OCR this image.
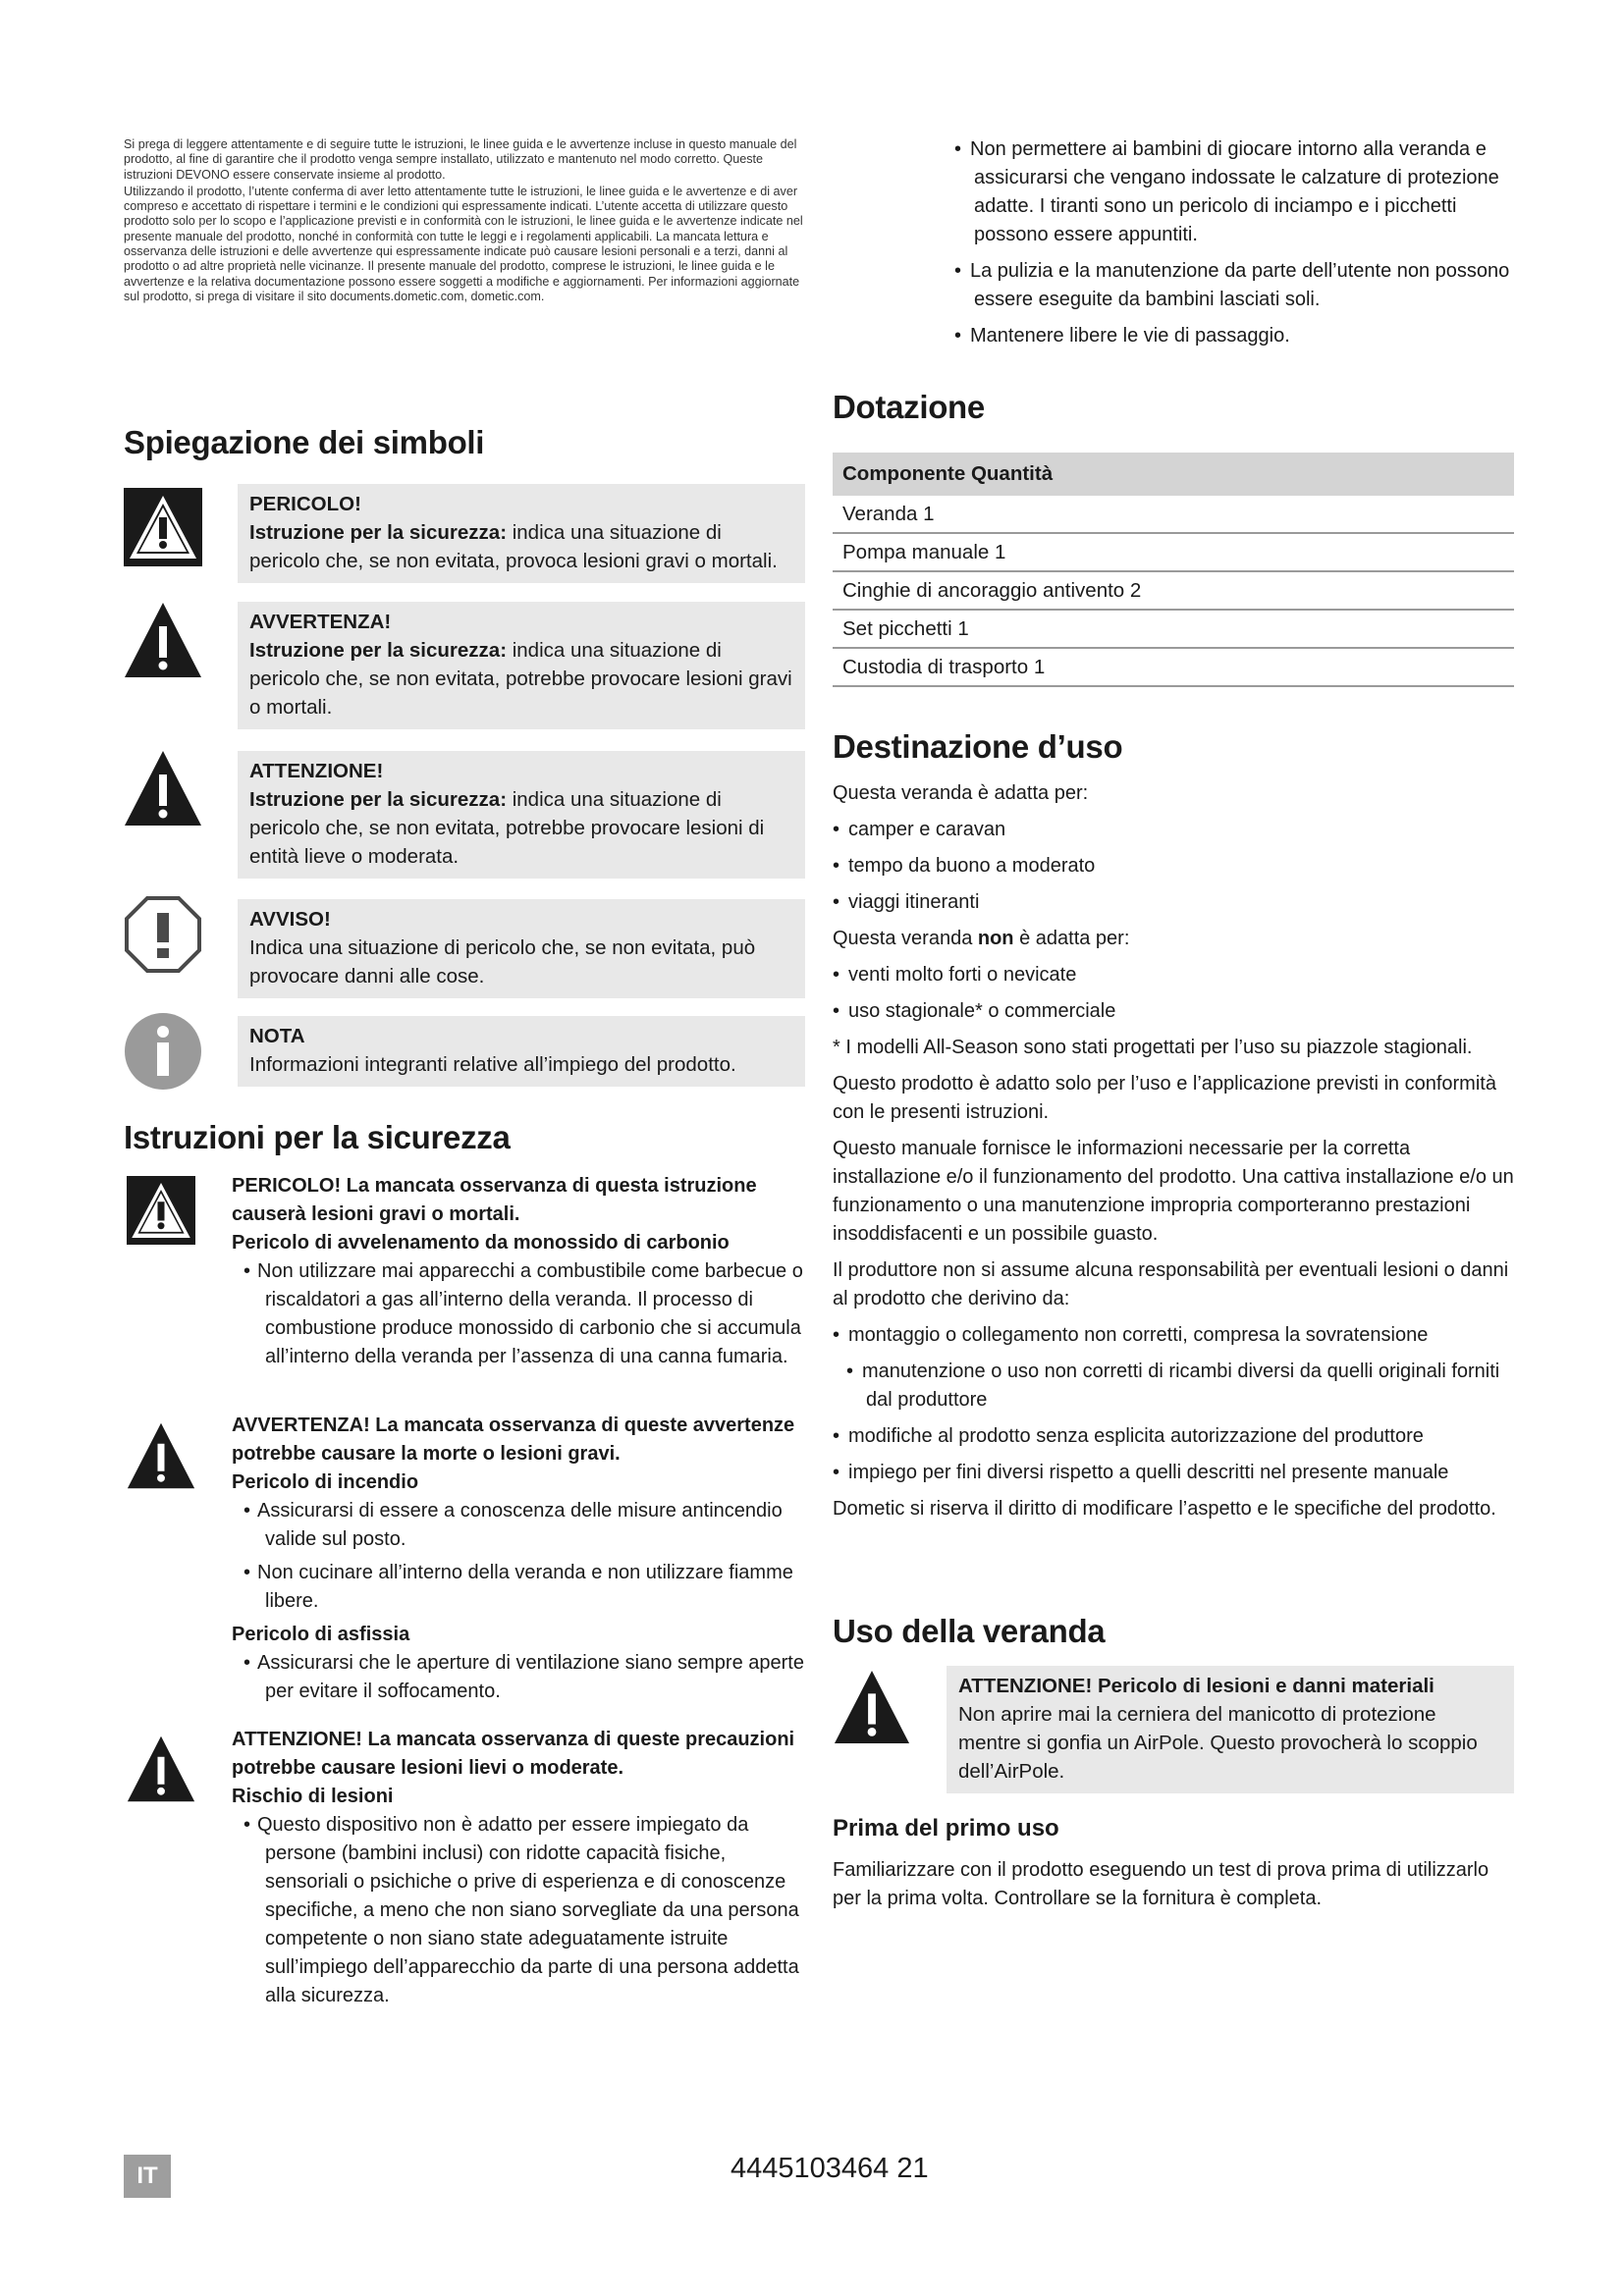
Si prega di leggere attentamente e di seguire tutte le istruzioni, le linee guida e le avvertenze incluse in questo manuale del prodotto, al fine di garantire che il prodotto venga sempre installato, utilizzato e mantenuto nel modo corretto. Queste istruzioni DEVONO essere conservate insieme al prodotto.

Utilizzando il prodotto, l’utente conferma di aver letto attentamente tutte le istruzioni, le linee guida e le avvertenze e di aver compreso e accettato di rispettare i termini e le condizioni qui espressamente indicati. L’utente accetta di utilizzare questo prodotto solo per lo scopo e l’applicazione previsti e in conformità con le istruzioni, le linee guida e le avvertenze indicate nel presente manuale del prodotto, nonché in conformità con tutte le leggi e i regolamenti applicabili. La mancata lettura e osservanza delle istruzioni e delle avvertenze qui espressamente indicate può causare lesioni personali e a terzi, danni al prodotto o ad altre proprietà nelle vicinanze. Il presente manuale del prodotto, comprese le istruzioni, le linee guida e le avvertenze e la relativa documentazione possono essere soggetti a modifiche e aggiornamenti. Per informazioni aggiornate sul prodotto, si prega di visitare il sito documents.dometic.com, dometic.com.

Spiegazione dei simboli
PERICOLO!
Istruzione per la sicurezza: indica una situazione di pericolo che, se non evitata, provoca lesioni gravi o mortali.
AVVERTENZA!
Istruzione per la sicurezza: indica una situazione di pericolo che, se non evitata, potrebbe provocare lesioni gravi o mortali.
ATTENZIONE!
Istruzione per la sicurezza: indica una situazione di pericolo che, se non evitata, potrebbe provocare lesioni di entità lieve o moderata.
AVVISO!
Indica una situazione di pericolo che, se non evitata, può provocare danni alle cose.
NOTA
Informazioni integranti relative all’impiego del prodotto.
Istruzioni per la sicurezza

PERICOLO! La mancata osservanza di questa istruzione causerà lesioni gravi o mortali.

Pericolo di avvelenamento da monossido di carbonio

• Non utilizzare mai apparecchi a combustibile come barbecue o riscaldatori a gas all’interno della veranda. Il processo di combustione produce monossido di carbonio che si accumula all’interno della veranda per l’assenza di una canna fumaria.

AVVERTENZA! La mancata osservanza di queste avvertenze potrebbe causare la morte o lesioni gravi.

Pericolo di incendio

• Assicurarsi di essere a conoscenza delle misure antincendio valide sul posto.
• Non cucinare all’interno della veranda e non utilizzare fiamme libere.

Pericolo di asfissia

• Assicurarsi che le aperture di ventilazione siano sempre aperte per evitare il soffocamento.

ATTENZIONE! La mancata osservanza di queste precauzioni potrebbe causare lesioni lievi o moderate.

Rischio di lesioni

• Questo dispositivo non è adatto per essere impiegato da persone (bambini inclusi) con ridotte capacità fisiche, sensoriali o psichiche o prive di esperienza e di conoscenze specifiche, a meno che non siano sorvegliate da una persona competente o non siano state adeguatamente istruite sull’impiego dell’apparecchio da parte di una persona addetta alla sicurezza.
• Non permettere ai bambini di giocare intorno alla veranda e assicurarsi che vengano indossate le calzature di protezione adatte. I tiranti sono un pericolo di inciampo e i picchetti possono essere appuntiti.
• La pulizia e la manutenzione da parte dell’utente non possono essere eseguite da bambini lasciati soli.
• Mantenere libere le vie di passaggio.
Dotazione
Componente Quantità
Veranda 1
Pompa manuale 1
Cinghie di ancoraggio antivento 2
Set picchetti 1
Custodia di trasporto 1
Destinazione d’uso

Questa veranda è adatta per:

• camper e caravan
• tempo da buono a moderato
• viaggi itineranti

Questa veranda non è adatta per:

• venti molto forti o nevicate
• uso stagionale* o commerciale

* I modelli All-Season sono stati progettati per l’uso su piazzole stagionali.

Questo prodotto è adatto solo per l’uso e l’applicazione previsti in conformità con le presenti istruzioni.

Questo manuale fornisce le informazioni necessarie per la corretta installazione e/o il funzionamento del prodotto. Una cattiva installazione e/o un funzionamento o una manutenzione impropria comporteranno prestazioni insoddisfacenti e un possibile guasto.

Il produttore non si assume alcuna responsabilità per eventuali lesioni o danni al prodotto che derivino da:

• montaggio o collegamento non corretti, compresa la sovratensione
• manutenzione o uso non corretti di ricambi diversi da quelli originali forniti dal produttore
• modifiche al prodotto senza esplicita autorizzazione del produttore
• impiego per fini diversi rispetto a quelli descritti nel presente manuale

Dometic si riserva il diritto di modificare l’aspetto e le specifiche del prodotto.

Uso della veranda
ATTENZIONE! Pericolo di lesioni e danni materiali
Non aprire mai la cerniera del manicotto di protezione mentre si gonfia un AirPole. Questo provocherà lo scoppio dell’AirPole.
Prima del primo uso

Familiarizzare con il prodotto eseguendo un test di prova prima di utilizzarlo per la prima volta. Controllare se la fornitura è completa.

IT	4445103464 21
